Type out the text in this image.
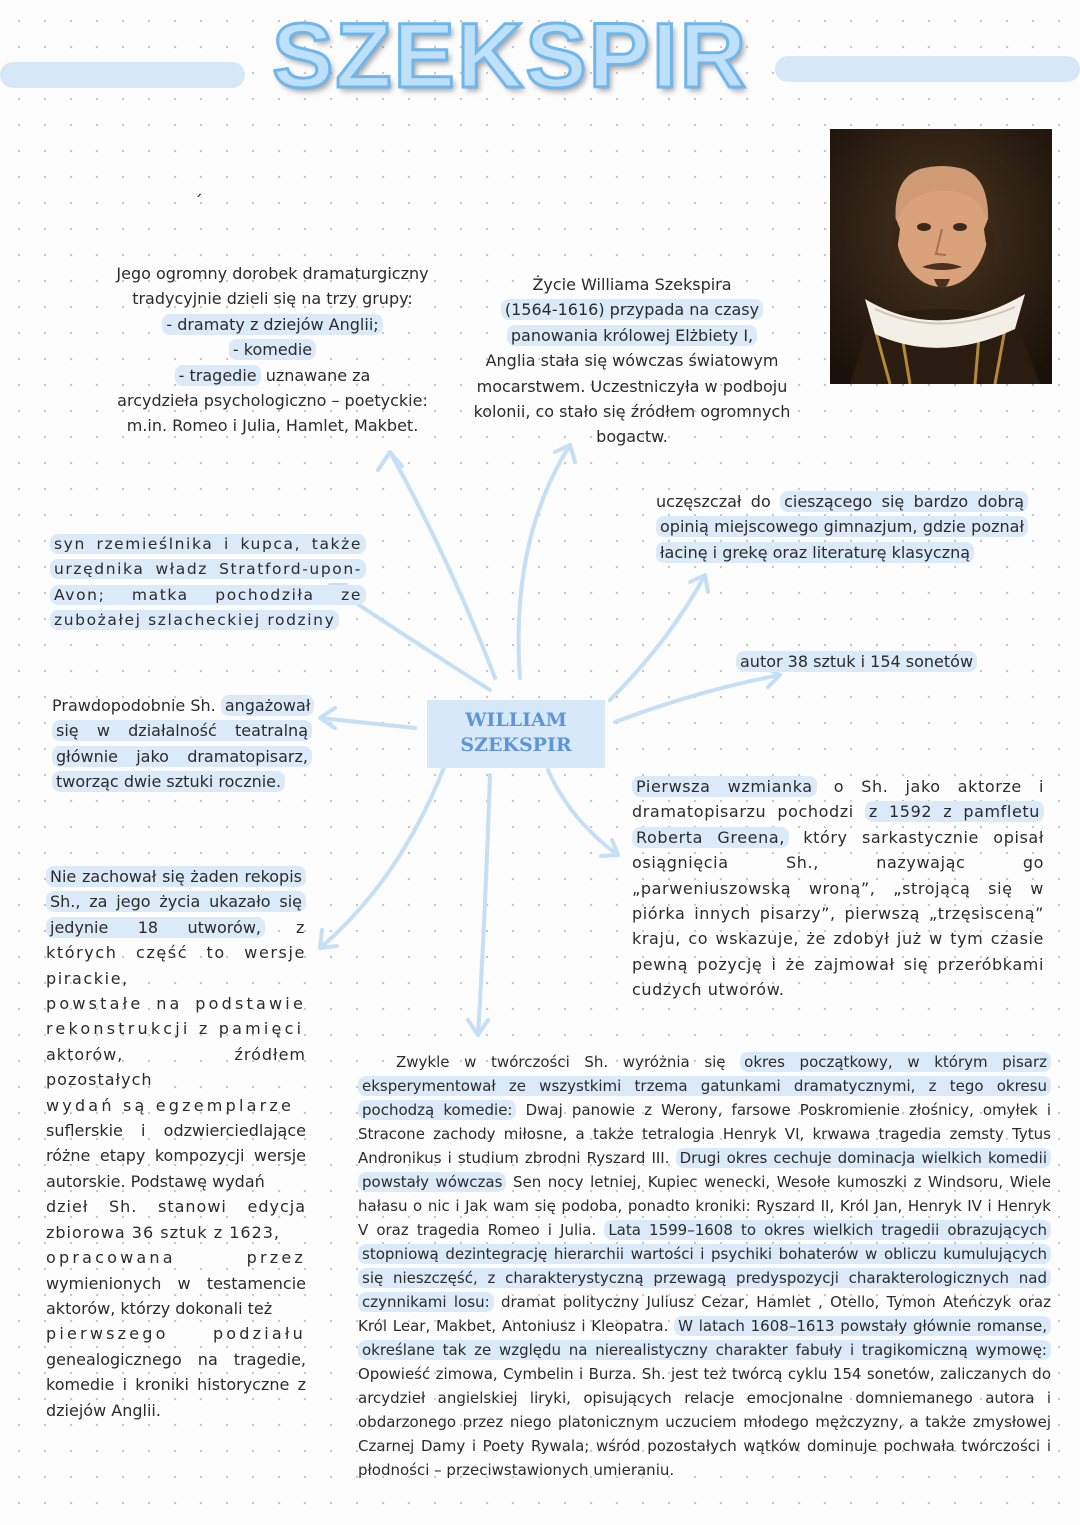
SZEKSPIR
´
WILLIAM
SZEKSPIR

Jego ogromny dorobek dramaturgiczny

tradycyjnie dzieli się na trzy grupy:

- dramaty z dziejów Anglii;

- komedie

- tragedie uznawane za

arcydzieła psychologiczno – poetyckie:

m.in. Romeo i Julia, Hamlet, Makbet.

Życie Williama Szekspira

(1564-1616) przypada na czasy

panowania królowej Elżbiety I,

Anglia stała się wówczas światowym

mocarstwem. Uczestniczyła w podboju

kolonii, co stało się źródłem ogromnych

bogactw.

uczęszczał do cieszącego się bardzo dobrą opinią miejscowego gimnazjum, gdzie poznał łacinę i grekę oraz literaturę klasyczną

syn rzemieślnika i kupca, także urzędnika władz Stratford-upon-Avon; matka pochodziła ze zubożałej szlacheckiej rodziny

autor 38 sztuk i 154 sonetów

Prawdopodobnie Sh. angażował się w działalność teatralną głównie jako dramatopisarz, tworząc dwie sztuki rocznie.	Pierwsza wzmianka o Sh. jako aktorze i dramatopisarzu pochodzi z 1592 z pamfletu Roberta Greena, który sarkastycznie opisał osiągnięcia Sh., nazywając go „parweniuszowską wroną”, „strojącą się w piórka innych pisarzy”, pierwszą „trzęsisceną” kraju, co wskazuje, że zdobył już w tym czasie pewną pozycję i że zajmował się przeróbkami cudzych utworów.

Nie zachował się żaden rekopis Sh., za jego życia ukazało się jedynie 18 utworów, z których część to wersje pirackie,

powstałe na podstawie rekonstrukcji z pamięci

aktorów, źródłem pozostałych

wydań są egzemplarze

suflerskie i odzwierciedlające różne etapy kompozycji wersje autorskie. Podstawę wydań

dzieł Sh. stanowi edycja zbiorowa 36 sztuk z 1623,

opracowana przez

wymienionych w testamencie aktorów, którzy dokonali też

pierwszego podziału

genealogicznego na tragedie, komedie i kroniki historyczne z dziejów Anglii.

Zwykle w twórczości Sh. wyróżnia się okres początkowy, w którym pisarz eksperymentował ze wszystkimi trzema gatunkami dramatycznymi, z tego okresu pochodzą komedie: Dwaj panowie z Werony, farsowe Poskromienie złośnicy, omyłek i Stracone zachody miłosne, a także tetralogia Henryk VI, krwawa tragedia zemsty Tytus Andronikus i studium zbrodni Ryszard III. Drugi okres cechuje dominacja wielkich komedii powstały wówczas Sen nocy letniej, Kupiec wenecki, Wesołe kumoszki z Windsoru, Wiele hałasu o nic i Jak wam się podoba, ponadto kroniki: Ryszard II, Król Jan, Henryk IV i Henryk V oraz tragedia Romeo i Julia. Lata 1599–1608 to okres wielkich tragedii obrazujących stopniową dezintegrację hierarchii wartości i psychiki bohaterów w obliczu kumulujących się nieszczęść, z charakterystyczną przewagą predyspozycji charakterologicznych nad czynnikami losu: dramat polityczny Juliusz Cezar, Hamlet , Otello, Tymon Ateńczyk oraz Król Lear, Makbet, Antoniusz i Kleopatra. W latach 1608–1613 powstały głównie romanse, określane tak ze względu na nierealistyczny charakter fabuły i tragikomiczną wymowę: Opowieść zimowa, Cymbelin i Burza. Sh. jest też twórcą cyklu 154 sonetów, zaliczanych do arcydzieł angielskiej liryki, opisujących relacje emocjonalne domniemanego autora i obdarzonego przez niego platonicznym uczuciem młodego mężczyzny, a także zmysłowej Czarnej Damy i Poety Rywala; wśród pozostałych wątków dominuje pochwała twórczości i płodności – przeciwstawionych umieraniu.
